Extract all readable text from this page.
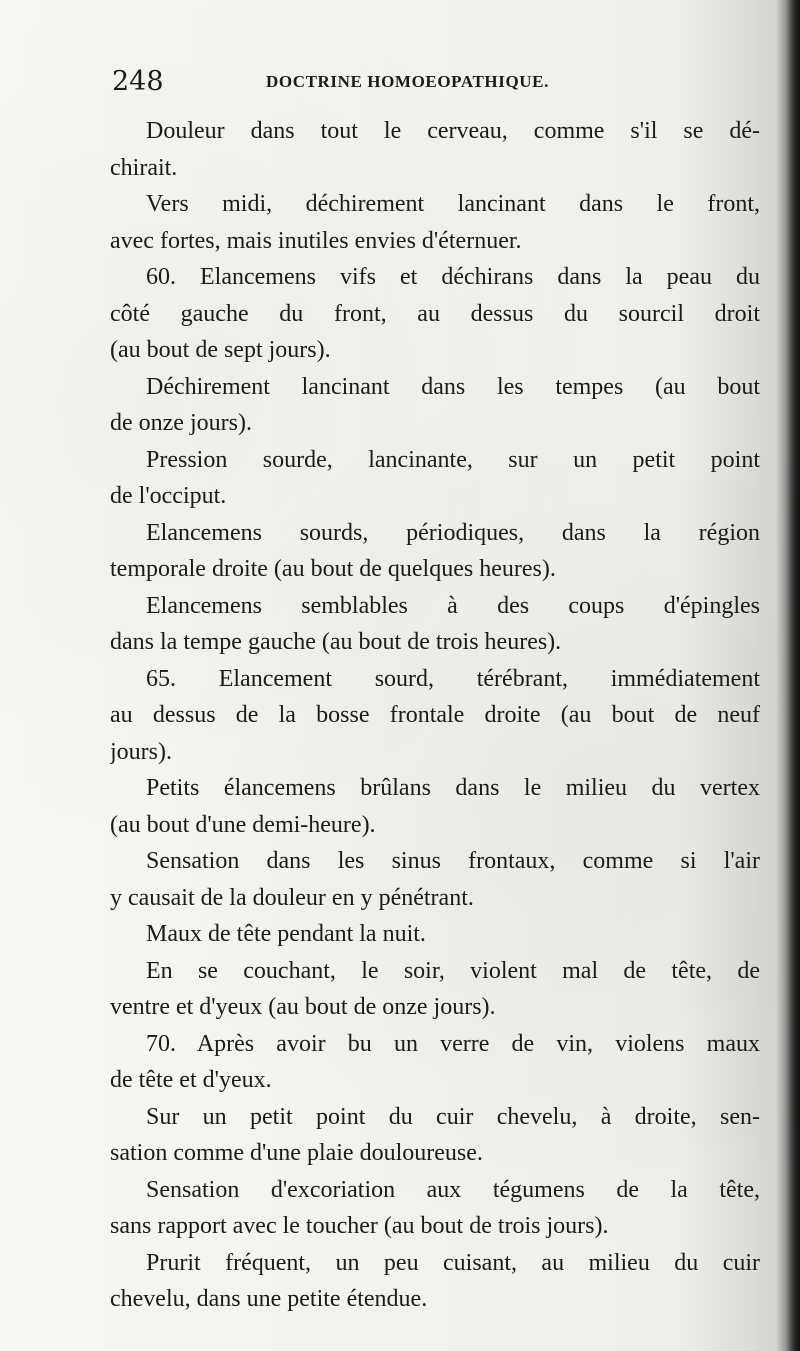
248	DOCTRINE HOMOEOPATHIQUE.
Douleur dans tout le cerveau, comme s'il se dé-
chirait.
Vers midi, déchirement lancinant dans le front,
avec fortes, mais inutiles envies d'éternuer.
60. Elancemens vifs et déchirans dans la peau du
côté gauche du front, au dessus du sourcil droit
(au bout de sept jours).
Déchirement lancinant dans les tempes (au bout
de onze jours).
Pression sourde, lancinante, sur un petit point
de l'occiput.
Elancemens sourds, périodiques, dans la région
temporale droite (au bout de quelques heures).
Elancemens semblables à des coups d'épingles
dans la tempe gauche (au bout de trois heures).
65. Elancement sourd, térébrant, immédiatement
au dessus de la bosse frontale droite (au bout de neuf
jours).
Petits élancemens brûlans dans le milieu du vertex
(au bout d'une demi-heure).
Sensation dans les sinus frontaux, comme si l'air
y causait de la douleur en y pénétrant.
Maux de tête pendant la nuit.
En se couchant, le soir, violent mal de tête, de
ventre et d'yeux (au bout de onze jours).
70. Après avoir bu un verre de vin, violens maux
de tête et d'yeux.
Sur un petit point du cuir chevelu, à droite, sen-
sation comme d'une plaie douloureuse.
Sensation d'excoriation aux tégumens de la tête,
sans rapport avec le toucher (au bout de trois jours).
Prurit fréquent, un peu cuisant, au milieu du cuir
chevelu, dans une petite étendue.
